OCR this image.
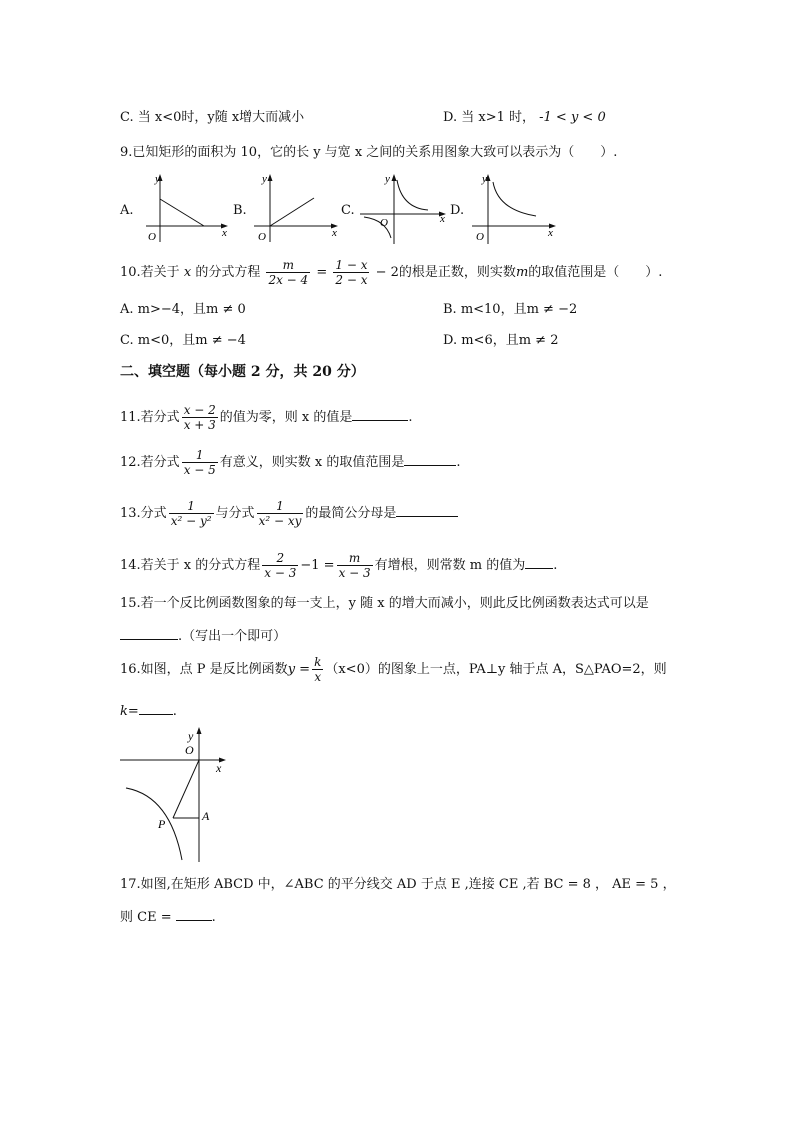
C. 当 x<0时，y随 x增大而减小	D. 当 x>1 时， -1 < y < 0
9.已知矩形的面积为 10，它的长 y 与宽 x 之间的关系用图象大致可以表示为（　　）.
A.
y
x
O
B.
y
x
O
C.
y
x
O
D.
y
x
O
10.若关于 x 的分式方程 $\frac{m}{2x - 4} = \frac{1 - x}{2 - x} - 2$的根是正数，则实数m的取值范围是（　　）.
A. m>−4，且m ≠ 0	B. m<10，且m ≠ −2
C. m<0，且m ≠ −4	D. m<6，且m ≠ 2
二、填空题（每小题 2 分，共 20 分）
11.若分式 $\frac{x - 2}{x + 3}$ 的值为零，则 x 的值是	.
12.若分式 $\frac{1}{x - 5}$ 有意义，则实数 x 的取值范围是	.
13.分式 $\frac{1}{\text{x² − y²}}$ 与分式 $\frac{1}{\text{x² − xy}}$ 的最简公分母是
14.若关于 x 的分式方程 $\frac{2}{x - 3} -1 = \frac{m}{x - 3}$ 有增根，则常数 m 的值为 .
15.若一个反比例函数图象的每一支上，y 随 x 的增大而减小，则此反比例函数表达式可以是
.（写出一个即可）
16.如图，点 P 是反比例函数$y = \frac{k}{x} (x<0)$的图象上一点，PA⊥y 轴于点 A，S△PAO=2，则
k=	.
y
O
x
P
A
17.如图,在矩形 ABCD 中，∠ABC 的平分线交 AD 于点 E ,连接 CE ,若 BC = 8 ， AE = 5 ，
则 CE =	.
